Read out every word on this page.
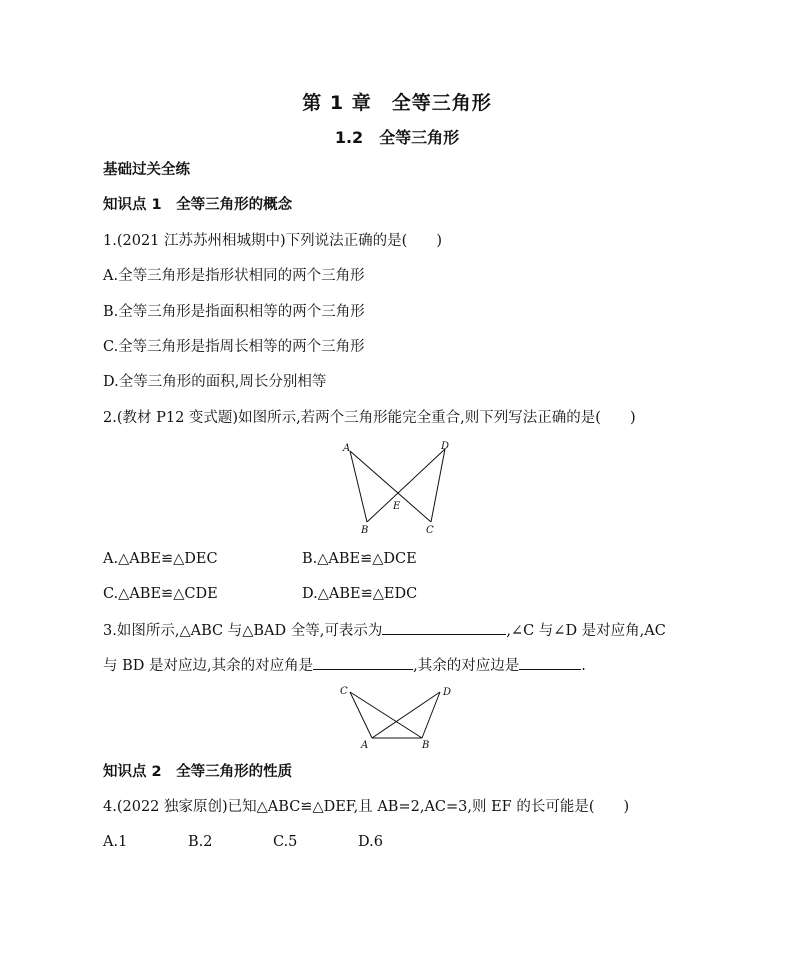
第 1 章　全等三角形
1.2　全等三角形
基础过关全练
知识点 1　全等三角形的概念
1.(2021 江苏苏州相城期中)下列说法正确的是(　　)
A.全等三角形是指形状相同的两个三角形
B.全等三角形是指面积相等的两个三角形
C.全等三角形是指周长相等的两个三角形
D.全等三角形的面积,周长分别相等
2.(教材 P12 变式题)如图所示,若两个三角形能完全重合,则下列写法正确的是(　　)
A	D
B	C
E
A.△ABE≌△DEC	B.△ABE≌△DCE
C.△ABE≌△CDE	D.△ABE≌△EDC
3.如图所示,△ABC 与△BAD 全等,可表示为	,∠C 与∠D 是对应角,AC
与 BD 是对应边,其余的对应角是	,其余的对应边是	.
C	D
A	B
知识点 2　全等三角形的性质
4.(2022 独家原创)已知△ABC≌△DEF,且 AB=2,AC=3,则 EF 的长可能是(　　)
A.1	B.2	C.5	D.6
